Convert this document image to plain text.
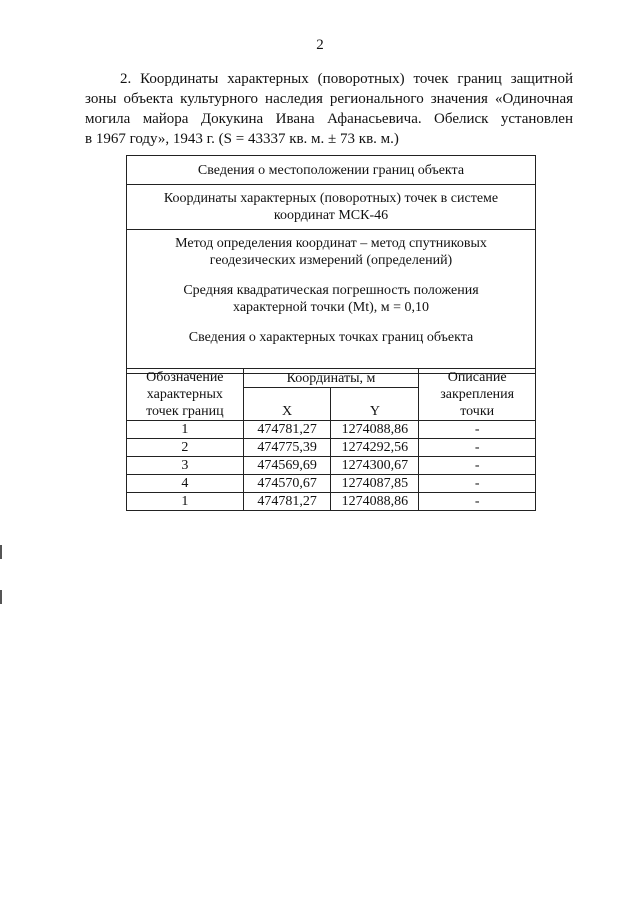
2
2. Координаты характерных (поворотных) точек границ защитной
зоны объекта культурного наследия регионального значения «Одиночная
могила майора Докукина Ивана Афанасьевича. Обелиск установлен
в 1967 году», 1943 г. (S = 43337 кв. м. ± 73 кв. м.)
Сведения о местоположении границ объекта

Координаты характерных (поворотных) точек в системе
координат МСК-46

Метод определения координат – метод спутниковых
геодезических измерений (определений)
Средняя квадратическая погрешность положения
характерной точки (Mt), м = 0,10
Сведения о характерных точках границ объекта
Обозначение
характерных
точек границ	Координаты, м		Описание
закрепления
точки

	X	Y	
1	474781,27	1274088,86	-
2	474775,39	1274292,56	-
3	474569,69	1274300,67	-
4	474570,67	1274087,85	-
1	474781,27	1274088,86	-
